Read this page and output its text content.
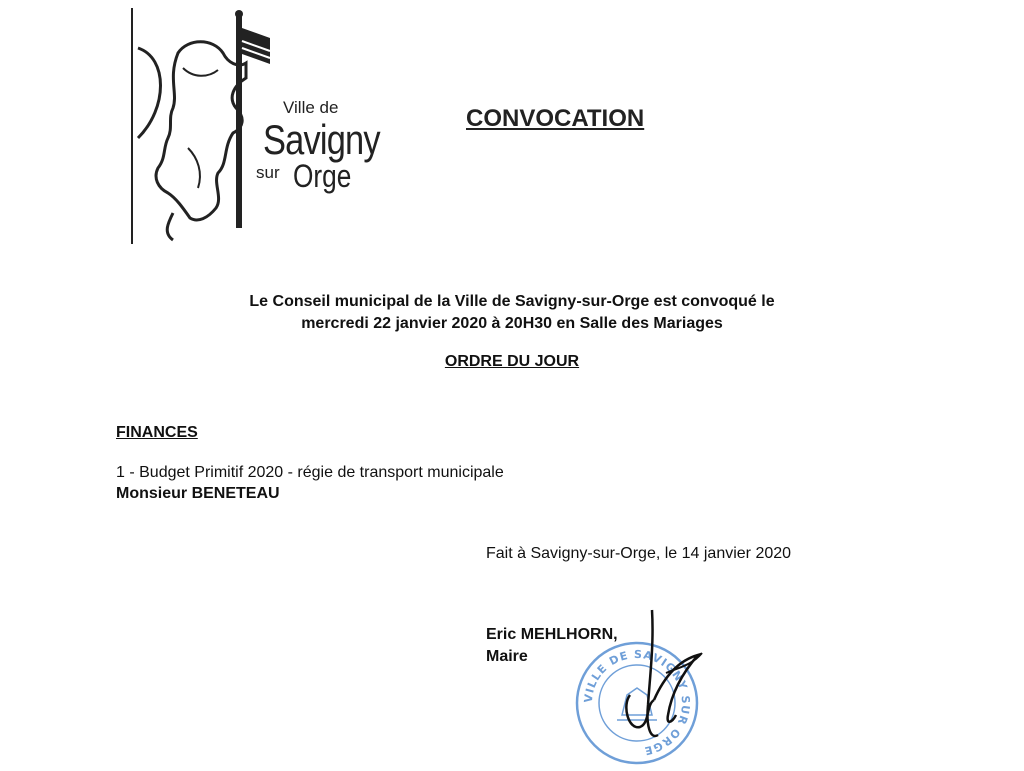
Ville de
Savigny
sur Orge
CONVOCATION
Le Conseil municipal de la Ville de Savigny-sur-Orge est convoqué le
mercredi 22 janvier 2020 à 20H30 en Salle des Mariages
ORDRE DU JOUR
FINANCES
1 - Budget Primitif 2020 - régie de transport municipale
Monsieur BENETEAU
Fait à Savigny-sur-Orge, le 14 janvier 2020
Eric MEHLHORN,
Maire
VILLE DE SAVIGNY SUR ORGE
